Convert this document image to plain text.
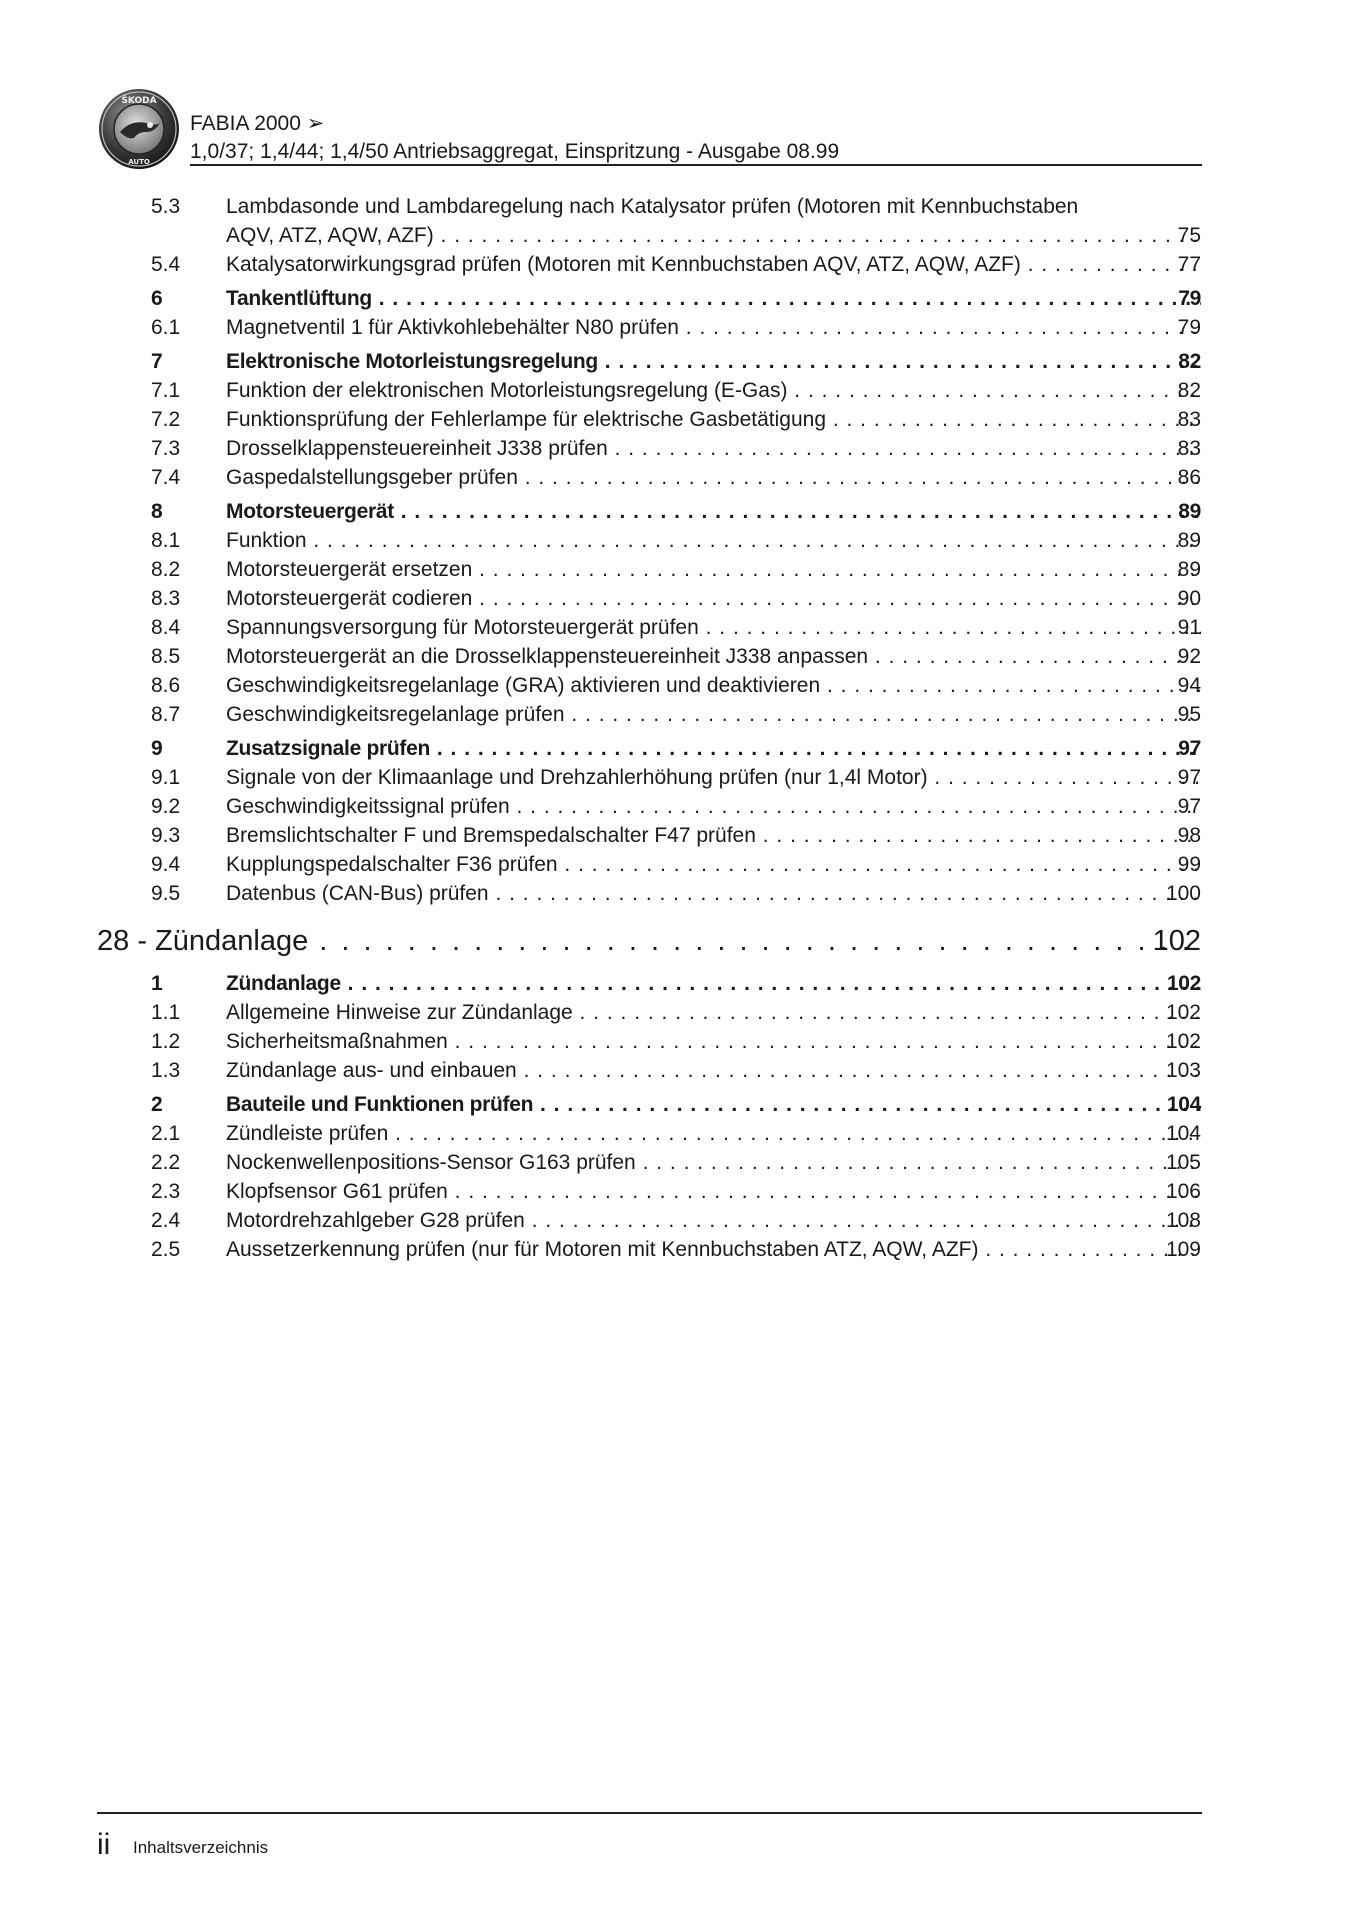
ŠKODA
AUTO
FABIA 2000 ➢
1,0/37; 1,4/44; 1,4/50 Antriebsaggregat, Einspritzung - Ausgabe 08.99
5.3 Lambdasonde und Lambdaregelung nach Katalysator prüfen (Motoren mit Kennbuchstaben
AQV, ATZ, AQW, AZF) . . .	75
5.4 Katalysatorwirkungsgrad prüfen (Motoren mit Kennbuchstaben AQV, ATZ, AQW, AZF) . . .	77
6	Tankentlüftung . . .	79
6.1 Magnetventil 1 für Aktivkohlebehälter N80 prüfen . . .	79
7	Elektronische Motorleistungsregelung . . .	82
7.1 Funktion der elektronischen Motorleistungsregelung (E-Gas) . . .	82
7.2 Funktionsprüfung der Fehlerlampe für elektrische Gasbetätigung . . .	83
7.3 Drosselklappensteuereinheit J338 prüfen . . .	83
7.4 Gaspedalstellungsgeber prüfen . . .	86
8	Motorsteuergerät . . .	89
8.1 Funktion . . .	89
8.2 Motorsteuergerät ersetzen . . .	89
8.3 Motorsteuergerät codieren . . .	90
8.4 Spannungsversorgung für Motorsteuergerät prüfen . . .	91
8.5 Motorsteuergerät an die Drosselklappensteuereinheit J338 anpassen . . .	92
8.6 Geschwindigkeitsregelanlage (GRA) aktivieren und deaktivieren . . .	94
8.7 Geschwindigkeitsregelanlage prüfen . . .	95
9	Zusatzsignale prüfen . . .	97
9.1 Signale von der Klimaanlage und Drehzahlerhöhung prüfen (nur 1,4l Motor) . . .	97
9.2 Geschwindigkeitssignal prüfen . . .	97
9.3 Bremslichtschalter F und Bremspedalschalter F47 prüfen . . .	98
9.4 Kupplungspedalschalter F36 prüfen . . .	99
9.5 Datenbus (CAN-Bus) prüfen . . .	100
28 - Zündanlage . . .	102
1	Zündanlage . . .	102
1.1 Allgemeine Hinweise zur Zündanlage . . .	102
1.2 Sicherheitsmaßnahmen . . .	102
1.3 Zündanlage aus- und einbauen . . .	103
2	Bauteile und Funktionen prüfen . . .	104
2.1 Zündleiste prüfen . . .	104
2.2 Nockenwellenpositions-Sensor G163 prüfen . . .	105
2.3 Klopfsensor G61 prüfen . . .	106
2.4 Motordrehzahlgeber G28 prüfen . . .	108
2.5 Aussetzerkennung prüfen (nur für Motoren mit Kennbuchstaben ATZ, AQW, AZF) . . .	109
ii Inhaltsverzeichnis
